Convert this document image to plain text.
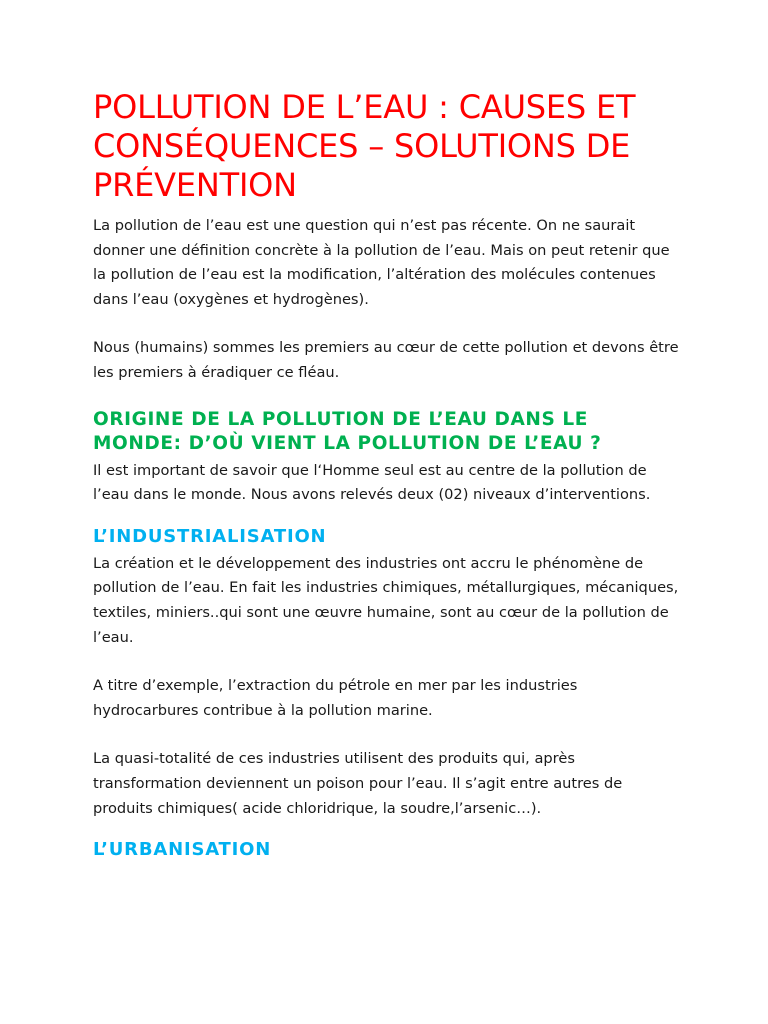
POLLUTION DE L’EAU : CAUSES ET CONSÉQUENCES – SOLUTIONS DE PRÉVENTION

La pollution de l’eau est une question qui n’est pas récente. On ne saurait donner une définition concrète à la pollution de l’eau. Mais on peut retenir que la pollution de l’eau est la modification, l’altération des molécules contenues dans l’eau (oxygènes et hydrogènes).

Nous (humains) sommes les premiers au cœur de cette pollution et devons être les premiers à éradiquer ce fléau.

ORIGINE DE LA POLLUTION DE L’EAU DANS LE MONDE: D’OÙ VIENT LA POLLUTION DE L’EAU ?

Il est important de savoir que l‘Homme seul est au centre de la pollution de l’eau dans le monde. Nous avons relevés deux (02) niveaux d’interventions.

L’INDUSTRIALISATION

La création et le développement des industries ont accru le phénomène de pollution de l’eau. En fait les industries chimiques, métallurgiques, mécaniques, textiles, miniers..qui sont une œuvre humaine, sont au cœur de la pollution de l’eau.

A titre d’exemple, l’extraction du pétrole en mer par les industries hydrocarbures contribue à la pollution marine.

La quasi-totalité de ces industries utilisent des produits qui, après transformation deviennent un poison pour l’eau. Il s’agit entre autres de produits chimiques( acide chloridrique, la soudre,l’arsenic…).

L’URBANISATION
